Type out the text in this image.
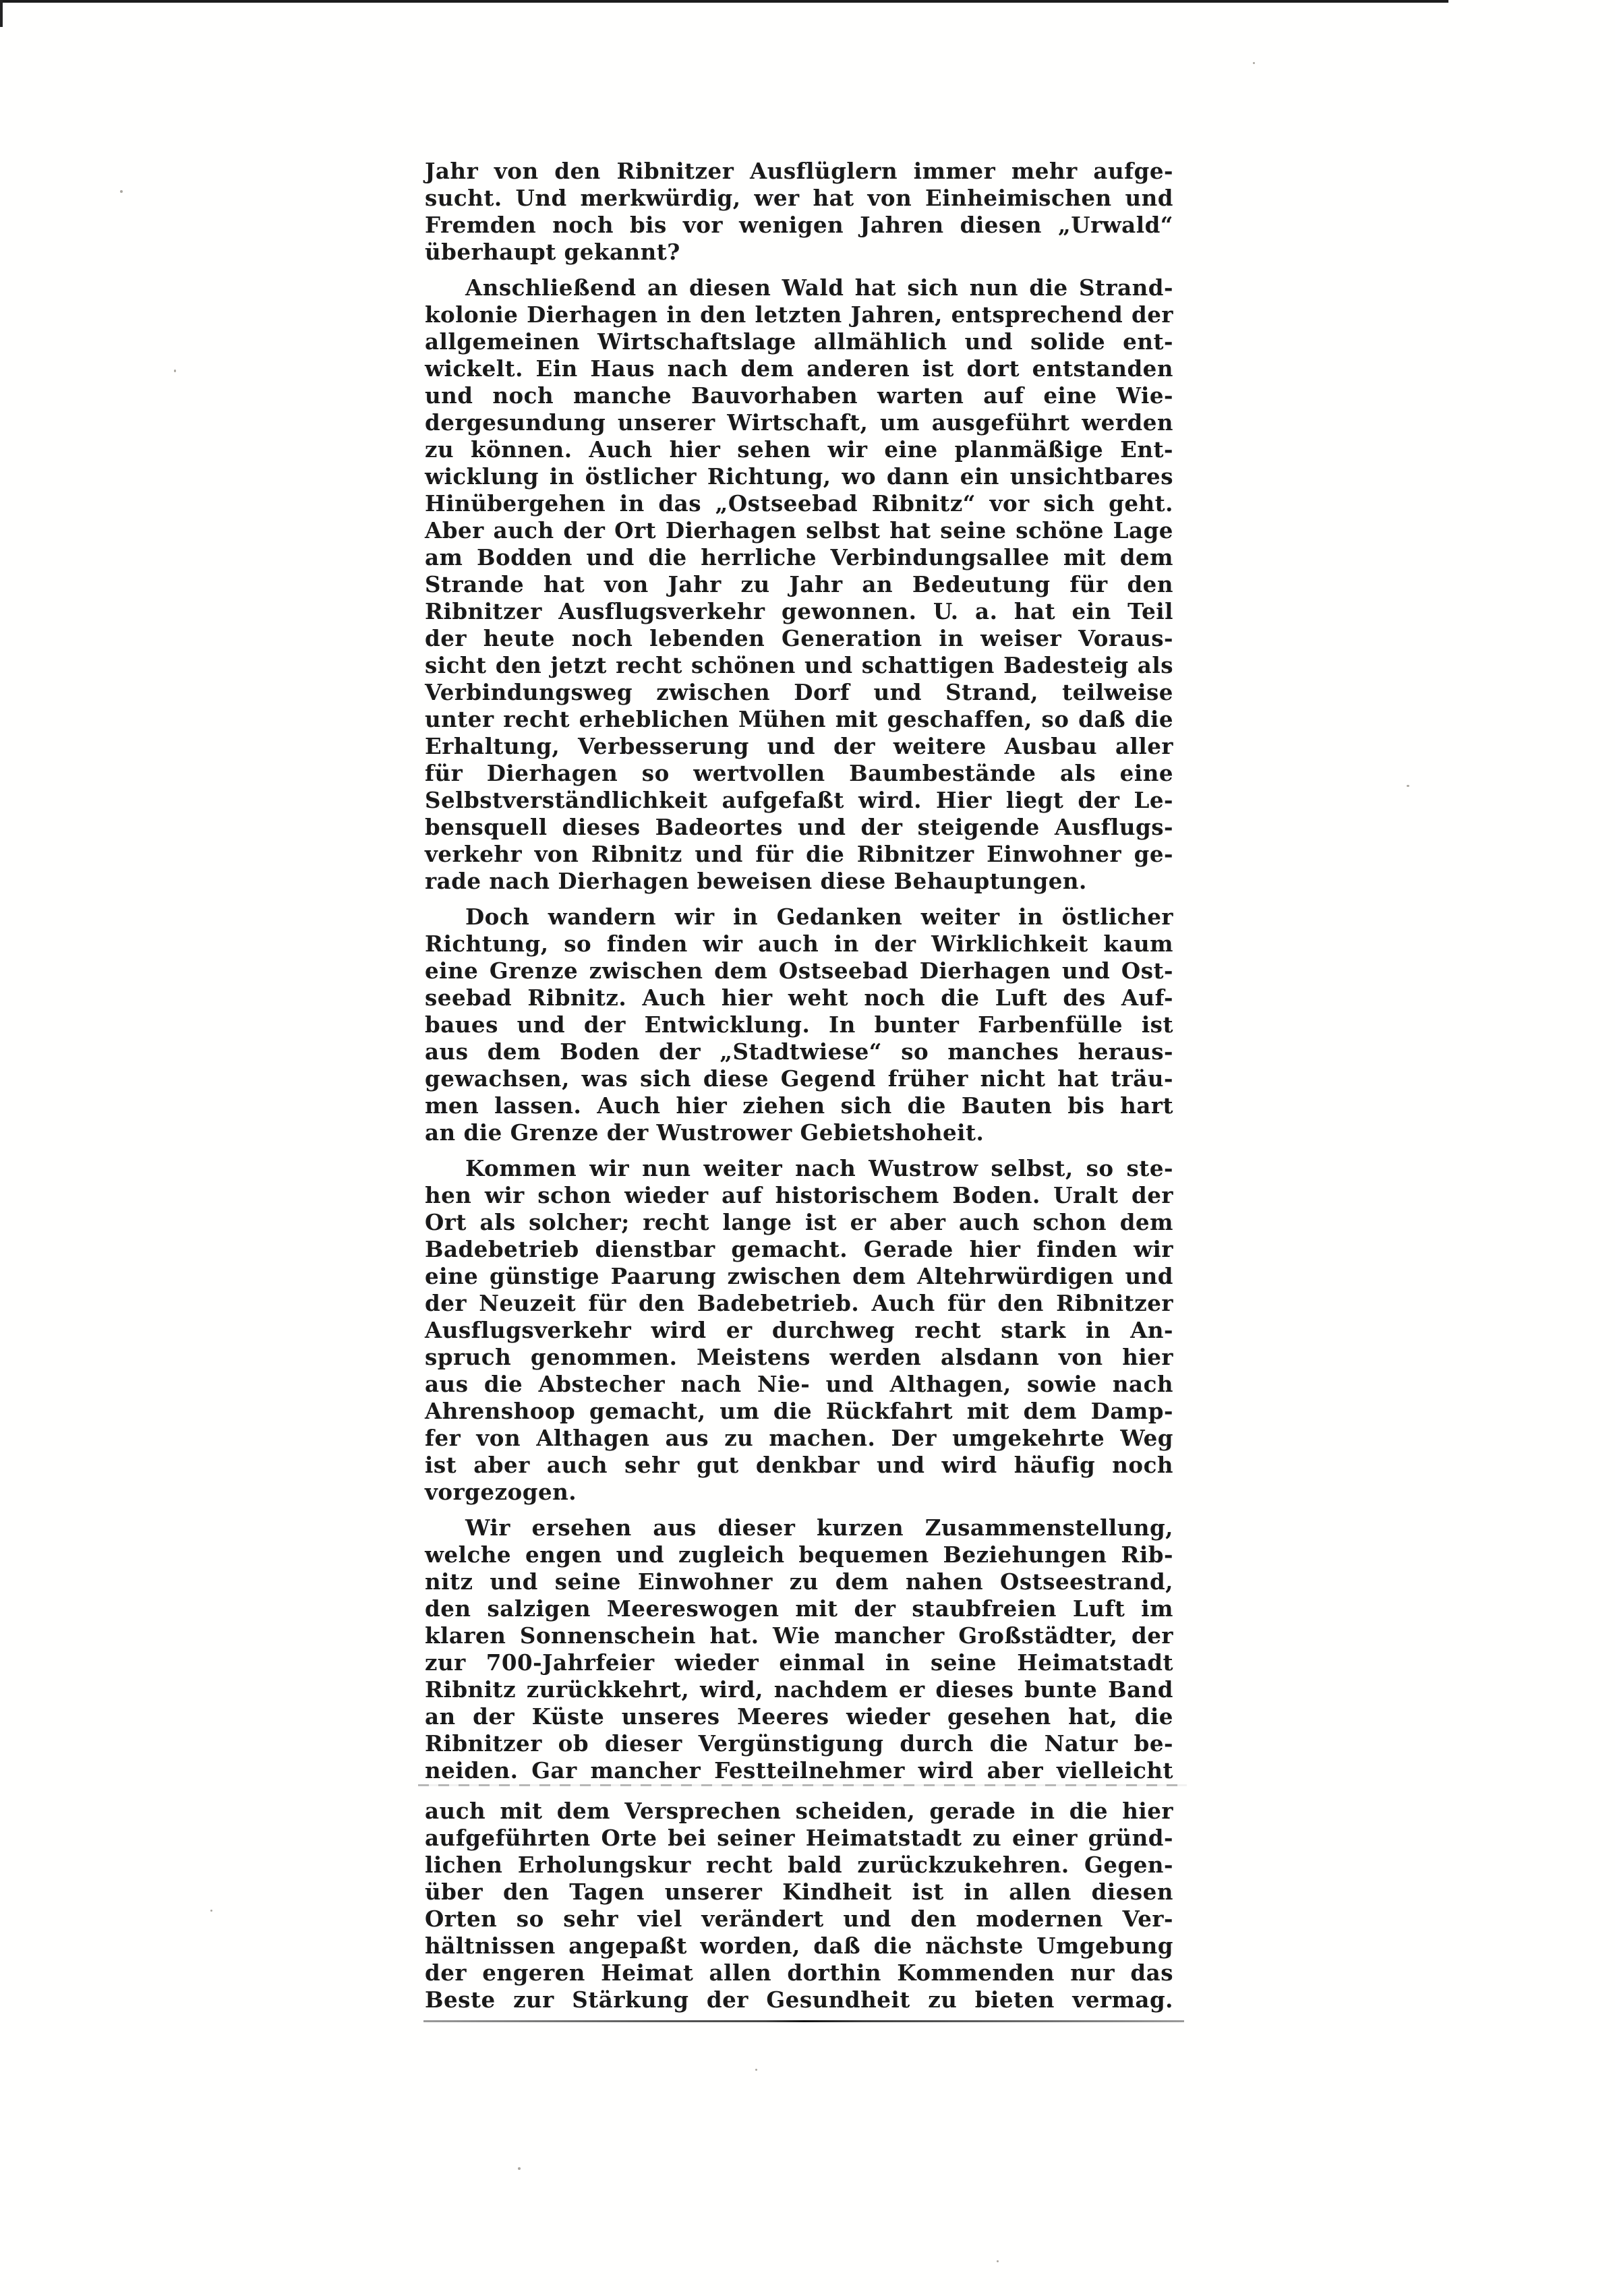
Jahr von den Ribnitzer Ausflüglern immer mehr aufge-
sucht. Und merkwürdig, wer hat von Einheimischen und
Fremden noch bis vor wenigen Jahren diesen „Urwald“
überhaupt gekannt?
Anschließend an diesen Wald hat sich nun die Strand-
kolonie Dierhagen in den letzten Jahren, entsprechend der
allgemeinen Wirtschaftslage allmählich und solide ent-
wickelt. Ein Haus nach dem anderen ist dort entstanden
und noch manche Bauvorhaben warten auf eine Wie-
dergesundung unserer Wirtschaft, um ausgeführt werden
zu können. Auch hier sehen wir eine planmäßige Ent-
wicklung in östlicher Richtung, wo dann ein unsichtbares
Hinübergehen in das „Ostseebad Ribnitz“ vor sich geht.
Aber auch der Ort Dierhagen selbst hat seine schöne Lage
am Bodden und die herrliche Verbindungsallee mit dem
Strande hat von Jahr zu Jahr an Bedeutung für den
Ribnitzer Ausflugsverkehr gewonnen. U. a. hat ein Teil
der heute noch lebenden Generation in weiser Voraus-
sicht den jetzt recht schönen und schattigen Badesteig als
Verbindungsweg zwischen Dorf und Strand, teilweise
unter recht erheblichen Mühen mit geschaffen, so daß die
Erhaltung, Verbesserung und der weitere Ausbau aller
für Dierhagen so wertvollen Baumbestände als eine
Selbstverständlichkeit aufgefaßt wird. Hier liegt der Le-
bensquell dieses Badeortes und der steigende Ausflugs-
verkehr von Ribnitz und für die Ribnitzer Einwohner ge-
rade nach Dierhagen beweisen diese Behauptungen.
Doch wandern wir in Gedanken weiter in östlicher
Richtung, so finden wir auch in der Wirklichkeit kaum
eine Grenze zwischen dem Ostseebad Dierhagen und Ost-
seebad Ribnitz. Auch hier weht noch die Luft des Auf-
baues und der Entwicklung. In bunter Farbenfülle ist
aus dem Boden der „Stadtwiese“ so manches heraus-
gewachsen, was sich diese Gegend früher nicht hat träu-
men lassen. Auch hier ziehen sich die Bauten bis hart
an die Grenze der Wustrower Gebietshoheit.
Kommen wir nun weiter nach Wustrow selbst, so ste-
hen wir schon wieder auf historischem Boden. Uralt der
Ort als solcher; recht lange ist er aber auch schon dem
Badebetrieb dienstbar gemacht. Gerade hier finden wir
eine günstige Paarung zwischen dem Altehrwürdigen und
der Neuzeit für den Badebetrieb. Auch für den Ribnitzer
Ausflugsverkehr wird er durchweg recht stark in An-
spruch genommen. Meistens werden alsdann von hier
aus die Abstecher nach Nie- und Althagen, sowie nach
Ahrenshoop gemacht, um die Rückfahrt mit dem Damp-
fer von Althagen aus zu machen. Der umgekehrte Weg
ist aber auch sehr gut denkbar und wird häufig noch
vorgezogen.
Wir ersehen aus dieser kurzen Zusammenstellung,
welche engen und zugleich bequemen Beziehungen Rib-
nitz und seine Einwohner zu dem nahen Ostseestrand,
den salzigen Meereswogen mit der staubfreien Luft im
klaren Sonnenschein hat. Wie mancher Großstädter, der
zur 700-Jahrfeier wieder einmal in seine Heimatstadt
Ribnitz zurückkehrt, wird, nachdem er dieses bunte Band
an der Küste unseres Meeres wieder gesehen hat, die
Ribnitzer ob dieser Vergünstigung durch die Natur be-
neiden. Gar mancher Festteilnehmer wird aber vielleicht
auch mit dem Versprechen scheiden, gerade in die hier
aufgeführten Orte bei seiner Heimatstadt zu einer gründ-
lichen Erholungskur recht bald zurückzukehren. Gegen-
über den Tagen unserer Kindheit ist in allen diesen
Orten so sehr viel verändert und den modernen Ver-
hältnissen angepaßt worden, daß die nächste Umgebung
der engeren Heimat allen dorthin Kommenden nur das
Beste zur Stärkung der Gesundheit zu bieten vermag.
